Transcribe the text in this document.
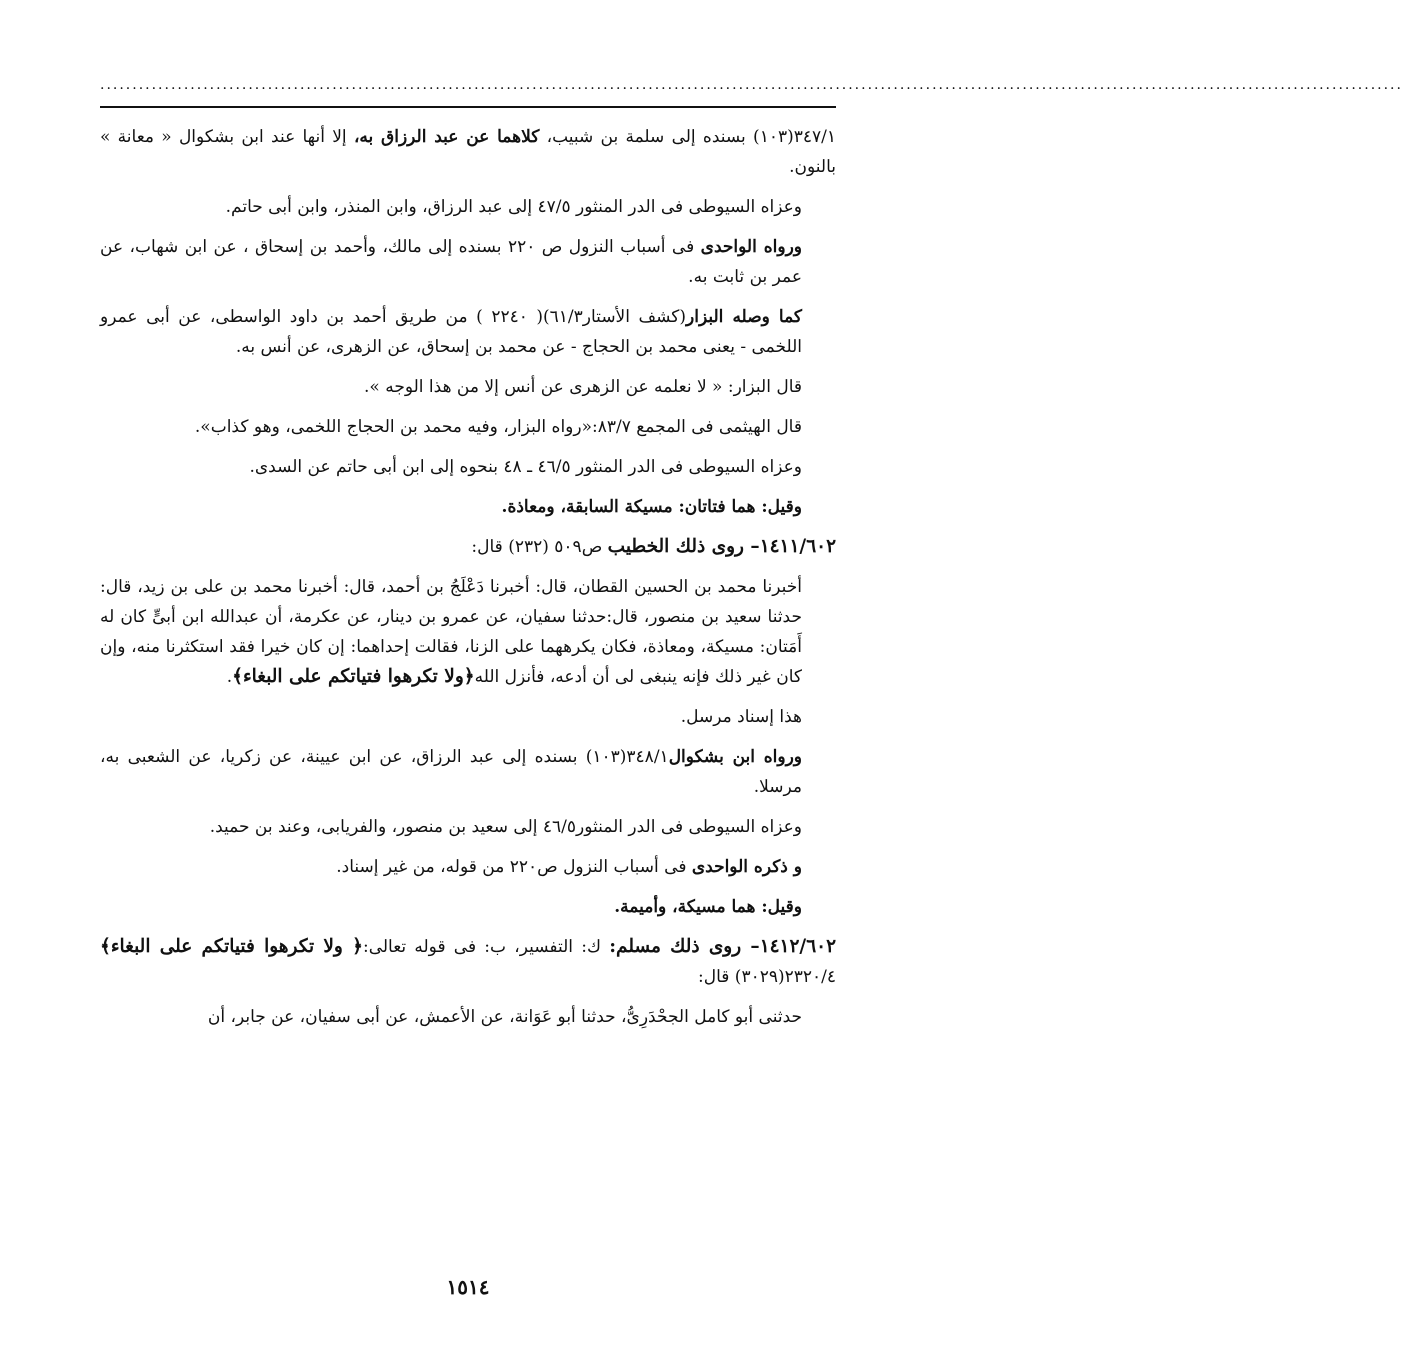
..........................................................................................................................................................................................................

٣٤٧/١(١٠٣) بسنده إلى سلمة بن شبيب، كلاهما عن عبد الرزاق به، إلا أنها عند ابن بشكوال « معانة » بالنون.

وعزاه السيوطى فى الدر المنثور ٤٧/٥ إلى عبد الرزاق، وابن المنذر، وابن أبى حاتم.

ورواه الواحدى فى أسباب النزول ص ٢٢٠ بسنده إلى مالك، وأحمد بن إسحاق ، عن ابن شهاب، عن عمر بن ثابت به.

كما وصله البزار(كشف الأستار٦١/٣)( ٢٢٤٠ ) من طريق أحمد بن داود الواسطى، عن أبى عمرو اللخمى - يعنى محمد بن الحجاج - عن محمد بن إسحاق، عن الزهرى، عن أنس به.

قال البزار: « لا نعلمه عن الزهرى عن أنس إلا من هذا الوجه ».

قال الهيثمى فى المجمع ٨٣/٧:«رواه البزار، وفيه محمد بن الحجاج اللخمى، وهو كذاب».

وعزاه السيوطى فى الدر المنثور ٤٦/٥ ـ ٤٨ بنحوه إلى ابن أبى حاتم عن السدى.

وقيل: هما فتاتان: مسيكة السابقة، ومعاذة.

١٤١١/٦٠٢– روى ذلك الخطيب ص٥٠٩ (٢٣٢) قال:

أخبرنا محمد بن الحسين القطان، قال: أخبرنا دَعْلَجُ بن أحمد، قال: أخبرنا محمد بن على بن زيد، قال: حدثنا سعيد بن منصور، قال:حدثنا سفيان، عن عمرو بن دينار، عن عكرمة، أن عبدالله ابن أبىٍّ كان له أَمَتان: مسيكة، ومعاذة، فكان يكرههما على الزنا، فقالت إحداهما: إن كان خيرا فقد استكثرنا منه، وإن كان غير ذلك فإنه ينبغى لى أن أدعه، فأنزل الله﴿ولا تكرهوا فتياتكم على البغاء﴾.

هذا إسناد مرسل.

ورواه ابن بشكوال٣٤٨/١(١٠٣) بسنده إلى عبد الرزاق، عن ابن عيينة، عن زكريا، عن الشعبى به، مرسلا.

وعزاه السيوطى فى الدر المنثور٤٦/٥ إلى سعيد بن منصور، والفريابى، وعند بن حميد.

و ذكره الواحدى فى أسباب النزول ص٢٢٠ من قوله، من غير إسناد.

وقيل: هما مسيكة، وأميمة.

١٤١٢/٦٠٢– روى ذلك مسلم: ك: التفسير، ب: فى قوله تعالى:﴿ ولا تكرهوا فتياتكم على البغاء﴾٢٣٢٠/٤(٣٠٢٩) قال:

حدثنى أبو كامل الجحْدَرِىُّ، حدثنا أبو عَوَانة، عن الأعمش، عن أبى سفيان، عن جابر، أن

١٥١٤
